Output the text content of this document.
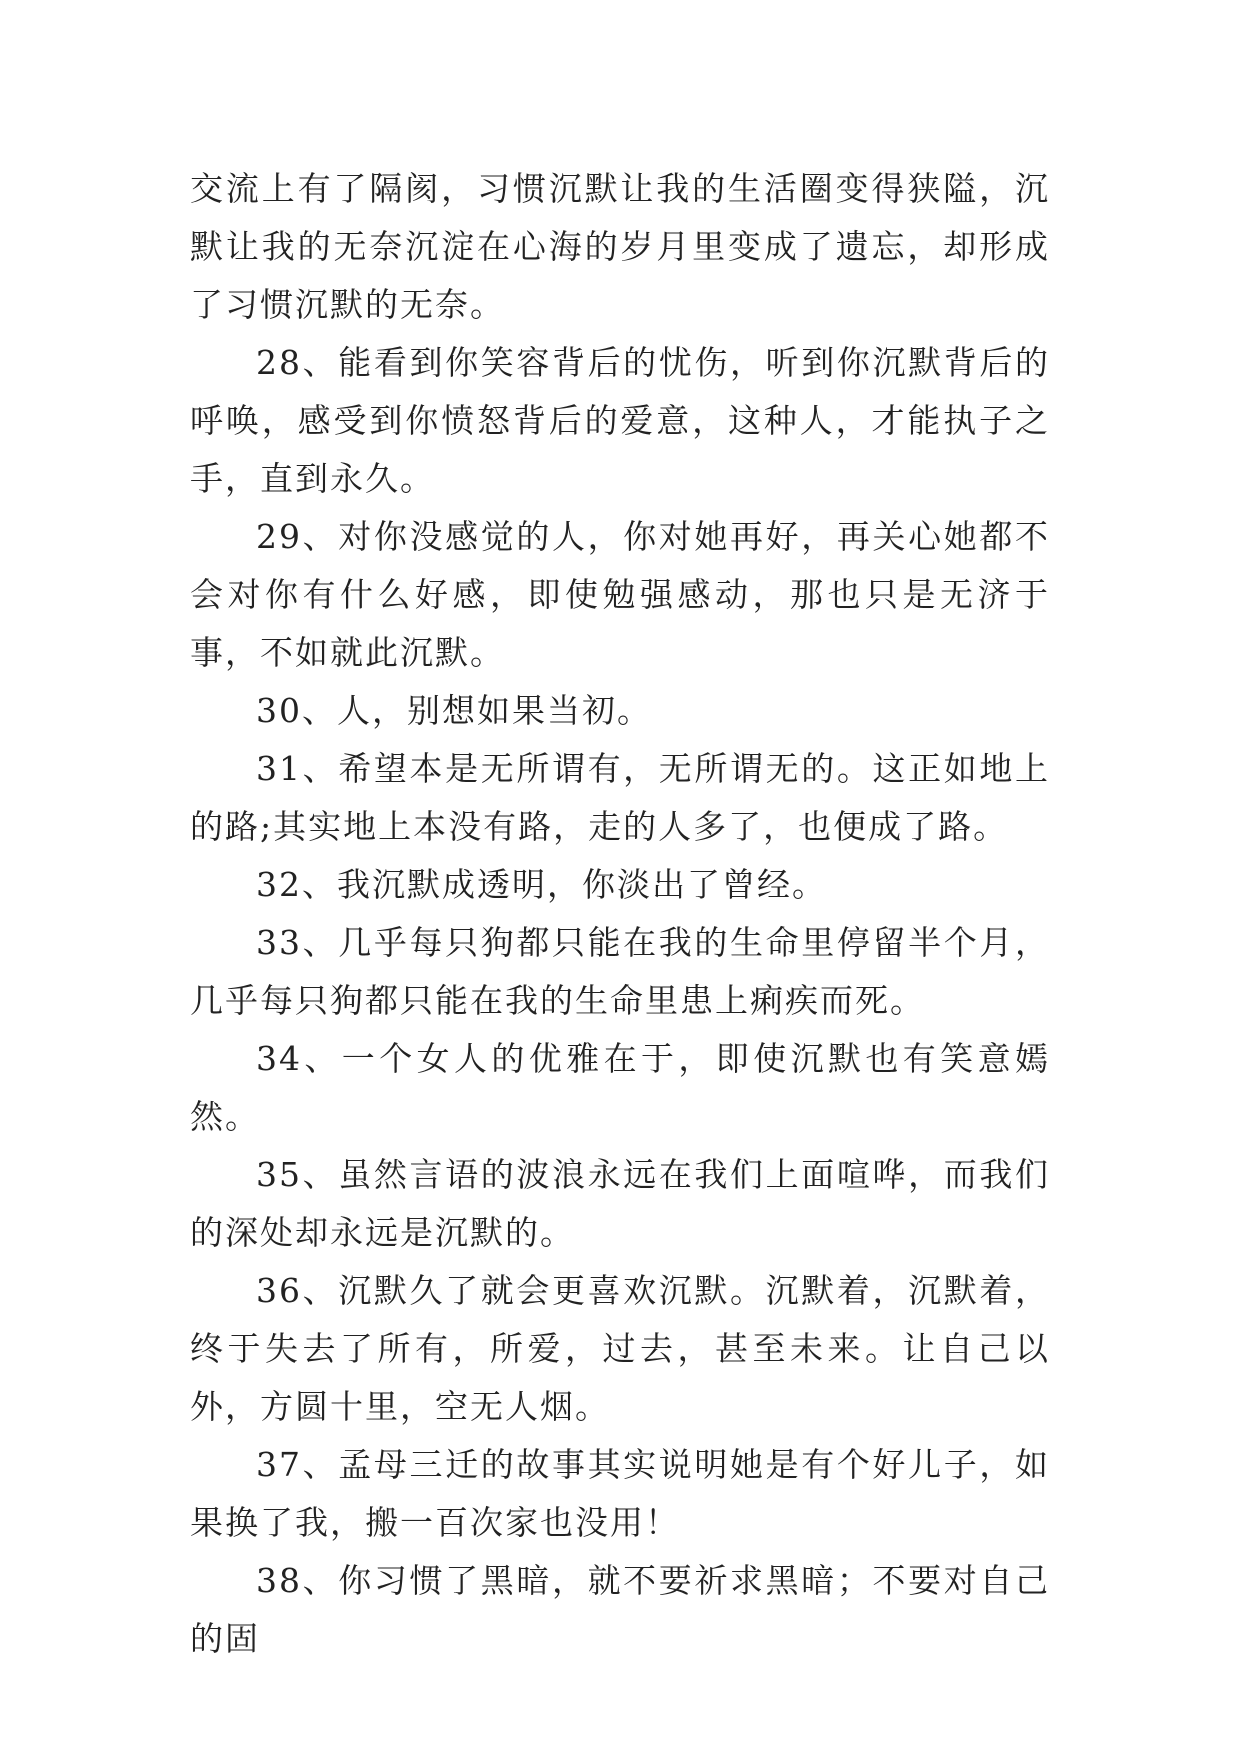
交流上有了隔阂，习惯沉默让我的生活圈变得狭隘，沉默让我的无奈沉淀在心海的岁月里变成了遗忘，却形成了习惯沉默的无奈。

28、能看到你笑容背后的忧伤，听到你沉默背后的呼唤，感受到你愤怒背后的爱意，这种人，才能执子之手，直到永久。

29、对你没感觉的人，你对她再好，再关心她都不会对你有什么好感，即使勉强感动，那也只是无济于事，不如就此沉默。

30、人，别想如果当初。

31、希望本是无所谓有，无所谓无的。这正如地上的路;其实地上本没有路，走的人多了，也便成了路。

32、我沉默成透明，你淡出了曾经。

33、几乎每只狗都只能在我的生命里停留半个月，几乎每只狗都只能在我的生命里患上痢疾而死。

34、一个女人的优雅在于，即使沉默也有笑意嫣然。

35、虽然言语的波浪永远在我们上面喧哗，而我们的深处却永远是沉默的。

36、沉默久了就会更喜欢沉默。沉默着，沉默着，终于失去了所有，所爱，过去，甚至未来。让自己以外，方圆十里，空无人烟。

37、孟母三迁的故事其实说明她是有个好儿子，如果换了我，搬一百次家也没用！

38、你习惯了黑暗，就不要祈求黑暗；不要对自己的固
